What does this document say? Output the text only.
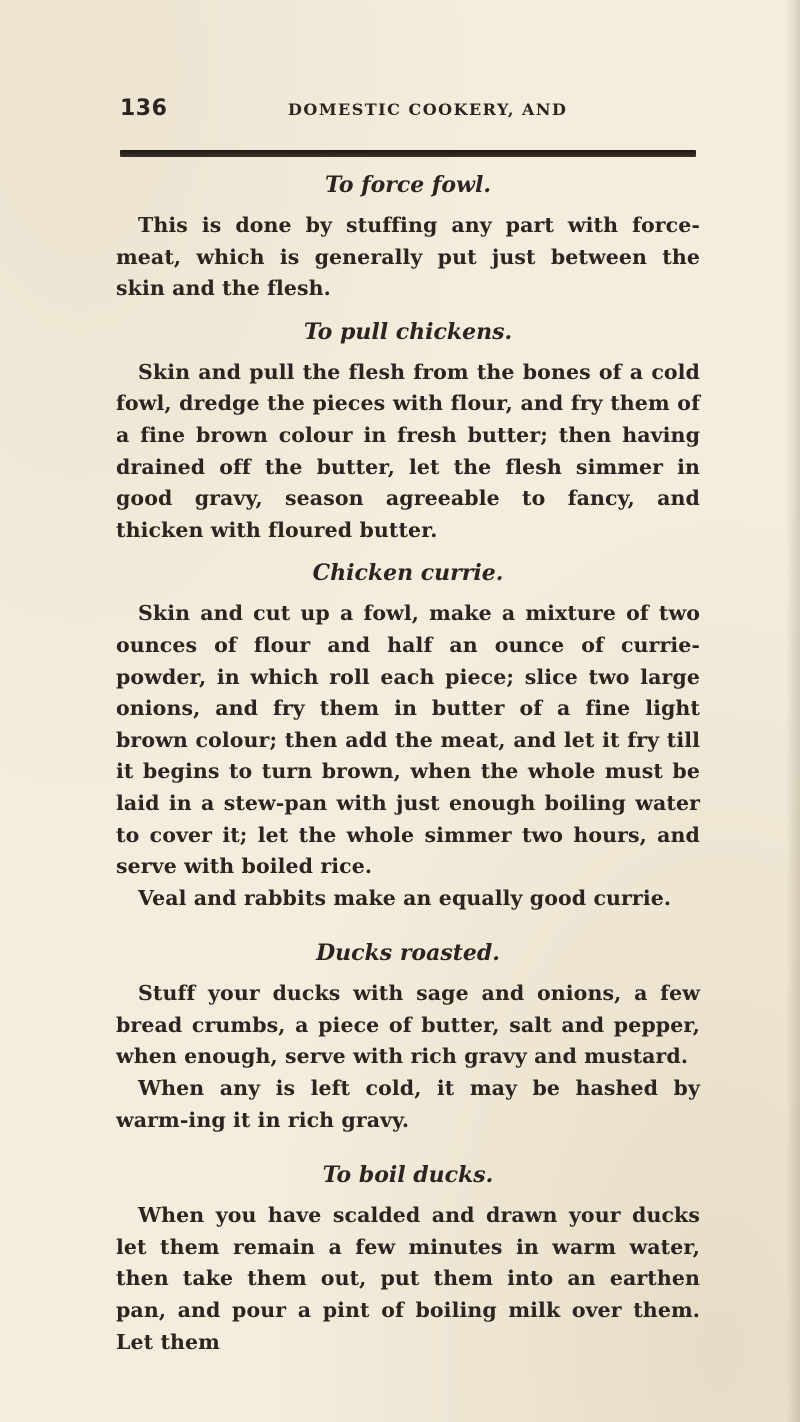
136	DOMESTIC COOKERY, AND
To force fowl.

This is done by stuffing any part with force-meat, which is generally put just between the skin and the flesh.

To pull chickens.

Skin and pull the flesh from the bones of a cold fowl, dredge the pieces with flour, and fry them of a fine brown colour in fresh butter; then having drained off the butter, let the flesh simmer in good gravy, season agreeable to fancy, and thicken with floured butter.

Chicken currie.

Skin and cut up a fowl, make a mixture of two ounces of flour and half an ounce of currie-powder, in which roll each piece; slice two large onions, and fry them in butter of a fine light brown colour; then add the meat, and let it fry till it begins to turn brown, when the whole must be laid in a stew-pan with just enough boiling water to cover it; let the whole simmer two hours, and serve with boiled rice.

Veal and rabbits make an equally good currie.

Ducks roasted.

Stuff your ducks with sage and onions, a few bread crumbs, a piece of butter, salt and pepper, when enough, serve with rich gravy and mustard.

When any is left cold, it may be hashed by warm-ing it in rich gravy.

To boil ducks.

When you have scalded and drawn your ducks let them remain a few minutes in warm water, then take them out, put them into an earthen pan, and pour a pint of boiling milk over them. Let them
